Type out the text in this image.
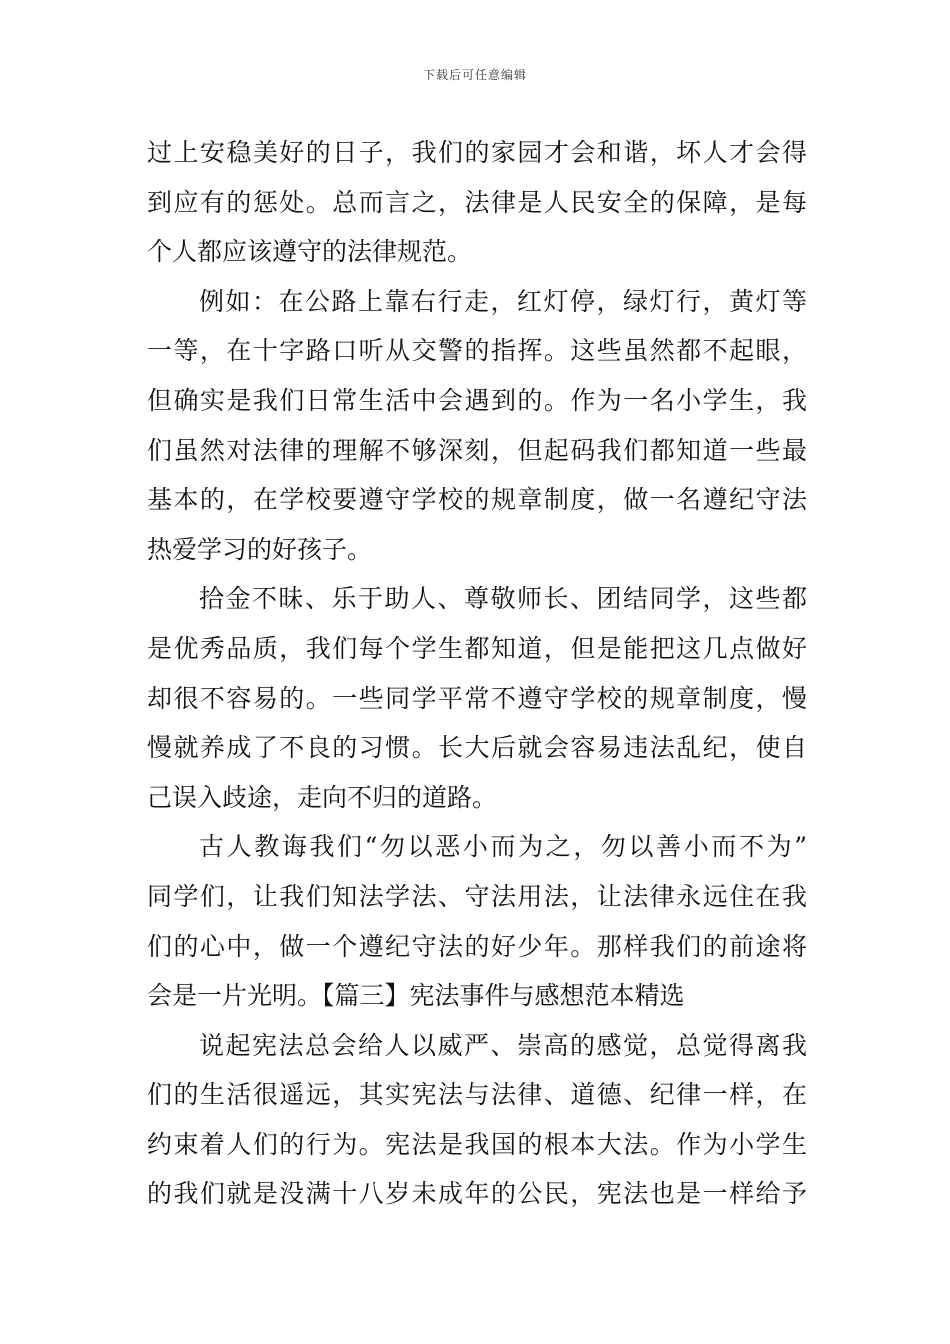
下载后可任意编辑
过上安稳美好的日子，我们的家园才会和谐，坏人才会得
到应有的惩处。总而言之，法律是人民安全的保障，是每
个人都应该遵守的法律规范。
例如：在公路上靠右行走，红灯停，绿灯行，黄灯等
一等，在十字路口听从交警的指挥。这些虽然都不起眼，
但确实是我们日常生活中会遇到的。作为一名小学生，我
们虽然对法律的理解不够深刻，但起码我们都知道一些最
基本的，在学校要遵守学校的规章制度，做一名遵纪守法
热爱学习的好孩子。
拾金不昧、乐于助人、尊敬师长、团结同学，这些都
是优秀品质，我们每个学生都知道，但是能把这几点做好
却很不容易的。一些同学平常不遵守学校的规章制度，慢
慢就养成了不良的习惯。长大后就会容易违法乱纪，使自
己误入歧途，走向不归的道路。
古人教诲我们“勿以恶小而为之，勿以善小而不为”
同学们，让我们知法学法、守法用法，让法律永远住在我
们的心中，做一个遵纪守法的好少年。那样我们的前途将
会是一片光明。【篇三】宪法事件与感想范本精选
说起宪法总会给人以威严、崇高的感觉，总觉得离我
们的生活很遥远，其实宪法与法律、道德、纪律一样，在
约束着人们的行为。宪法是我国的根本大法。作为小学生
的我们就是没满十八岁未成年的公民，宪法也是一样给予
